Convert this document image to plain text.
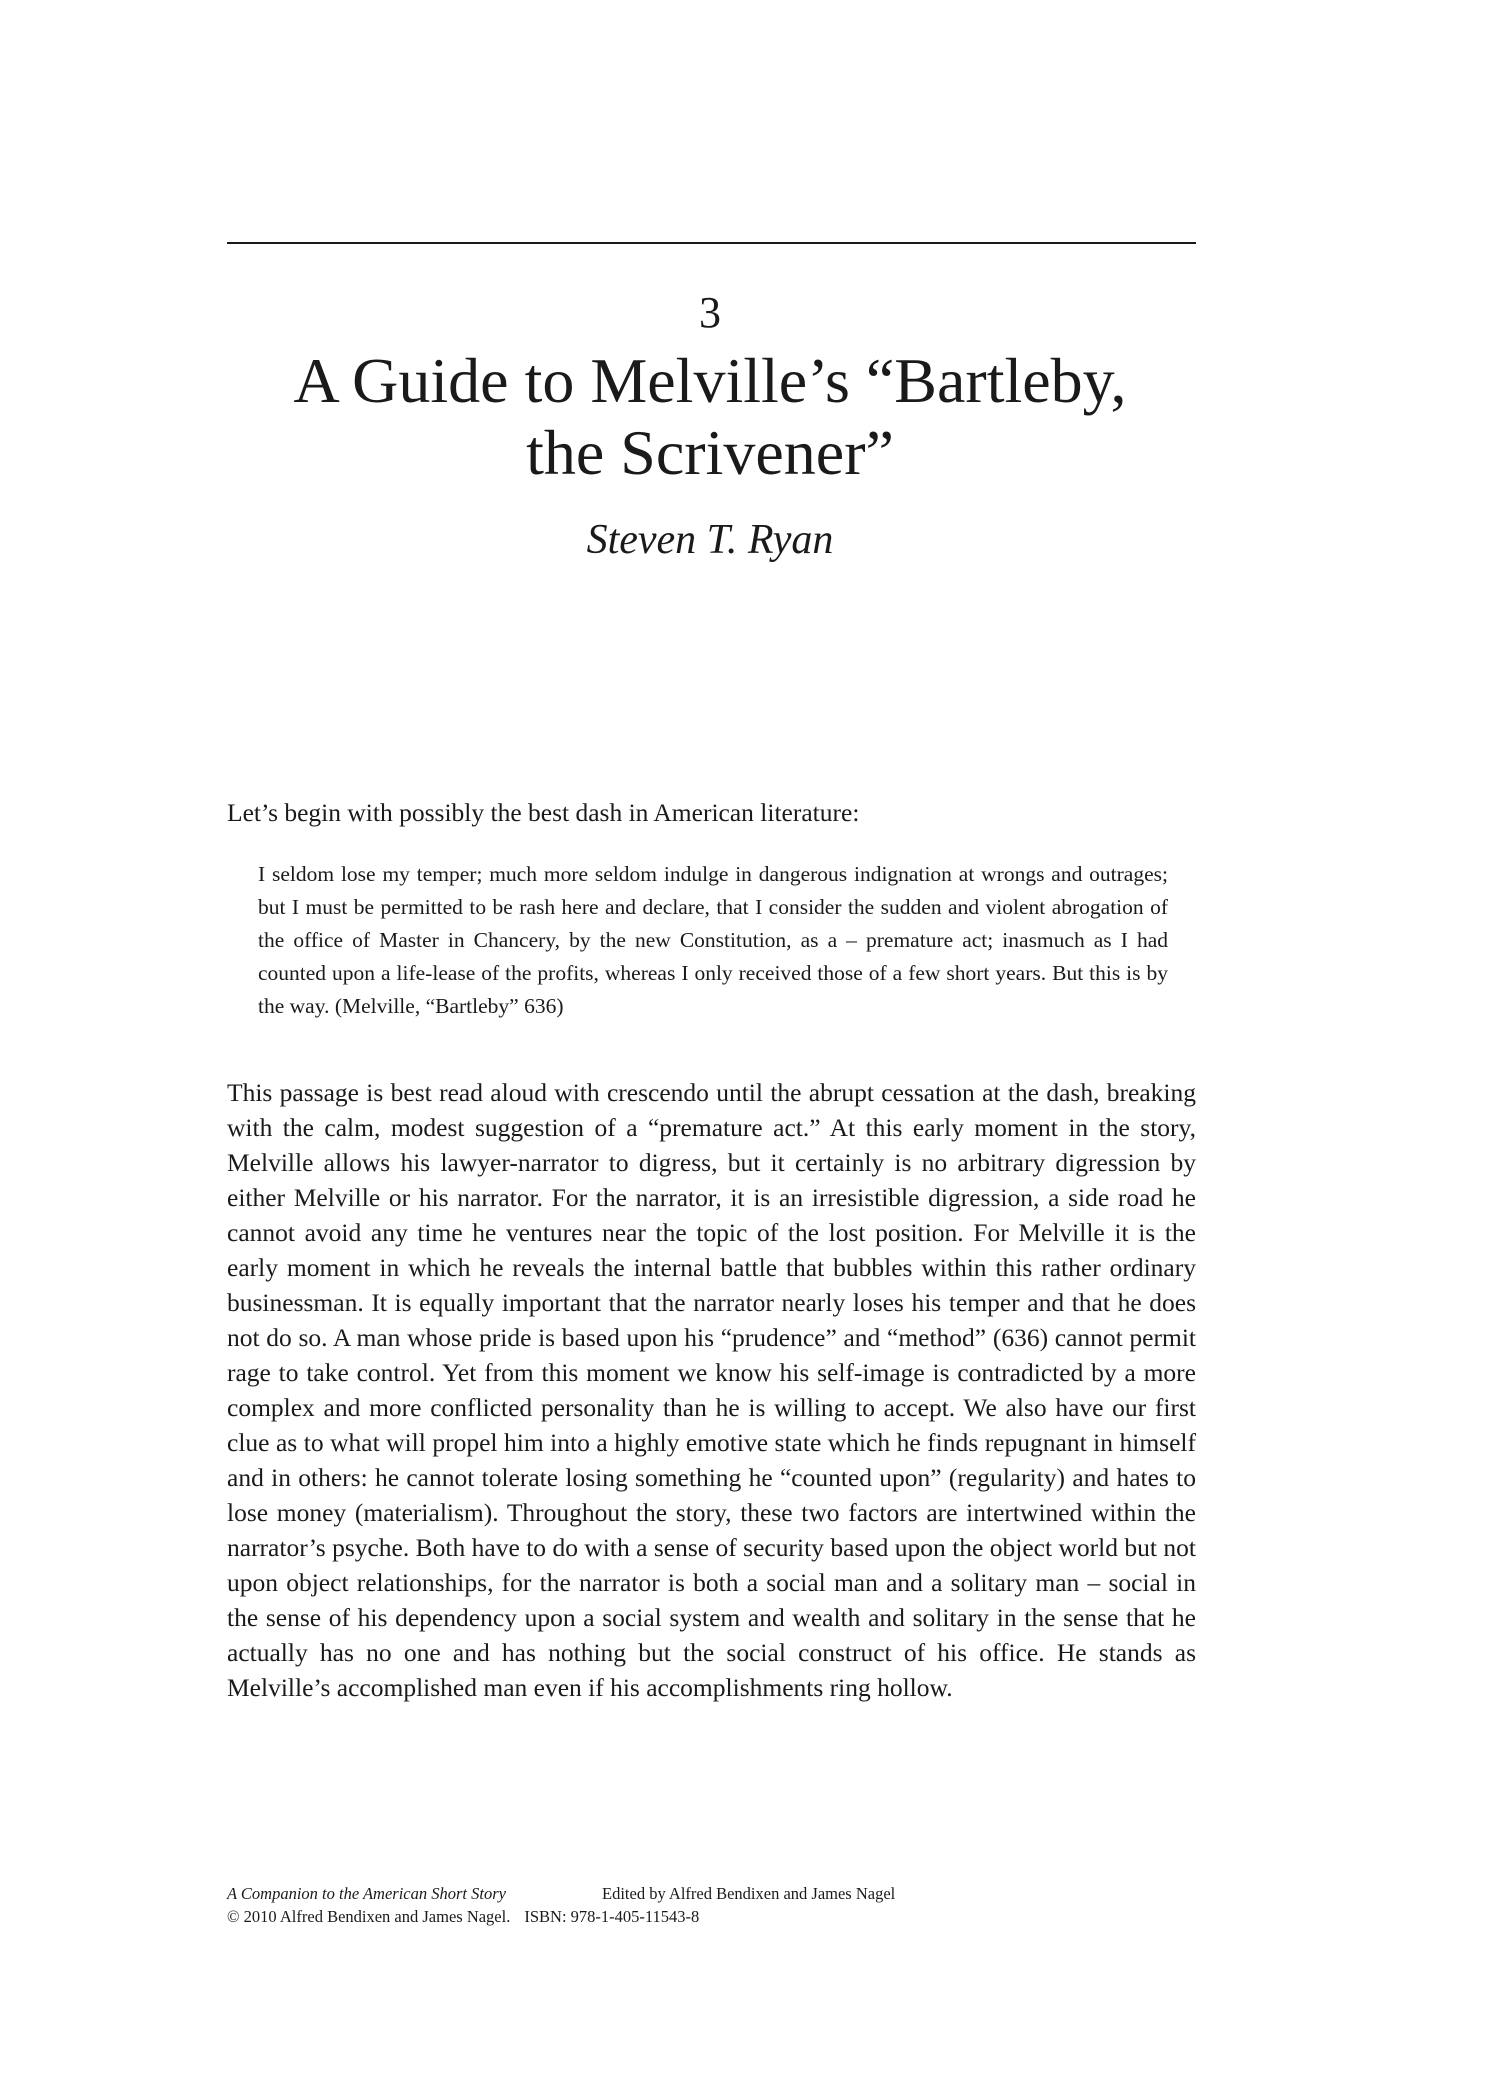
3
A Guide to Melville’s “Bartleby,
the Scrivener”
Steven T. Ryan

Let’s begin with possibly the best dash in American literature:

I seldom lose my temper; much more seldom indulge in dangerous indignation at wrongs and outrages; but I must be permitted to be rash here and declare, that I consider the sudden and violent abrogation of the office of Master in Chancery, by the new Constitution, as a – premature act; inasmuch as I had counted upon a life-lease of the profits, whereas I only received those of a few short years. But this is by the way. (Melville, “Bartleby” 636)

This passage is best read aloud with crescendo until the abrupt cessation at the dash, breaking with the calm, modest suggestion of a “premature act.” At this early moment in the story, Melville allows his lawyer-narrator to digress, but it certainly is no arbitrary digression by either Melville or his narrator. For the narrator, it is an irresistible digression, a side road he cannot avoid any time he ventures near the topic of the lost position. For Melville it is the early moment in which he reveals the internal battle that bubbles within this rather ordinary businessman. It is equally important that the narrator nearly loses his temper and that he does not do so. A man whose pride is based upon his “prudence” and “method” (636) cannot permit rage to take control. Yet from this moment we know his self-image is contradicted by a more complex and more conflicted personality than he is willing to accept. We also have our first clue as to what will propel him into a highly emotive state which he finds repugnant in himself and in others: he cannot tolerate losing something he “counted upon” (regularity) and hates to lose money (materialism). Throughout the story, these two factors are intertwined within the narrator’s psyche. Both have to do with a sense of security based upon the object world but not upon object relationships, for the narrator is both a social man and a solitary man – social in the sense of his dependency upon a social system and wealth and solitary in the sense that he actually has no one and has nothing but the social construct of his office. He stands as Melville’s accomplished man even if his accomplishments ring hollow.

A Companion to the American Short Story	Edited by Alfred Bendixen and James Nagel
© 2010 Alfred Bendixen and James Nagel. ISBN: 978-1-405-11543-8
